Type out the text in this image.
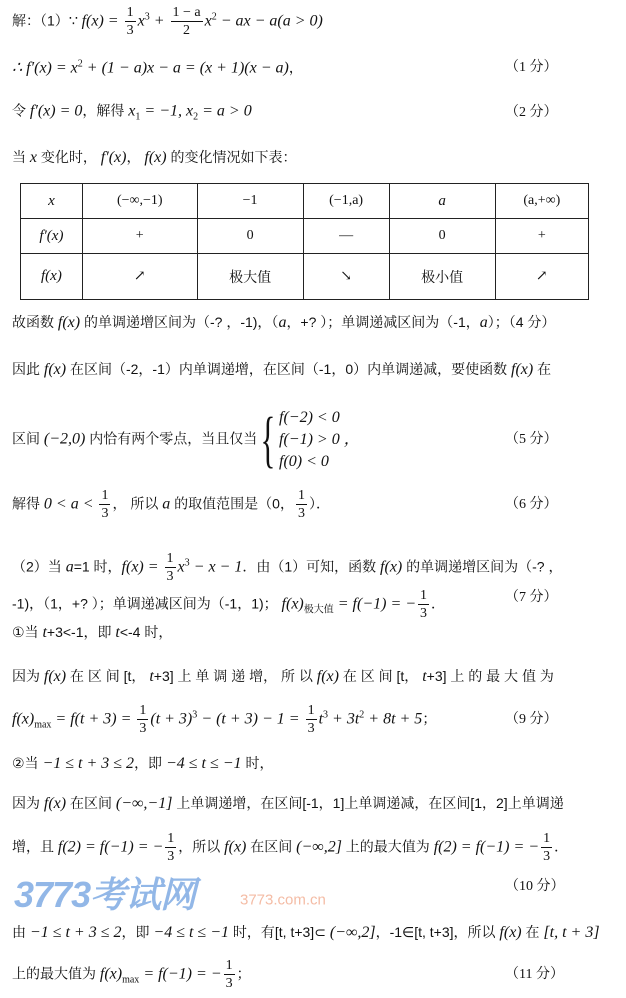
解：（1）∵ $f(x) = \frac{1}{3} x^3 + \frac{1 - a}{2} x^2$ − ax − a(a > 0)
∴ $f'(x) = x^2 + (1 - a)x - a = (x + 1)(x - a)$，	（1 分）
令 f′(x) = 0，解得 $x_1 = -1$, $x_2 = a > 0$	（2 分）
当 x 变化时， f′(x)， f(x) 的变化情况如下表：
故函数 f(x) 的单调递增区间为（-? ，-1)，（a，+? ）；单调递减区间为（-1，a）；（4 分）
因此 f(x) 在区间（-2，-1）内单调递增，在区间（-1，0）内单调递减，要使函数 f(x) 在
区间 (−2,0) 内恰有两个零点，当且仅当 { f(−2) < 0
f(−1) > 0 ，
f(0) < 0
（5 分）
解得 $0 < a < \frac{1}{3}$ ， 所以 a 的取值范围是（0， $\frac{1}{3}$ ）．	（6 分）
（2）当 a=1 时，$f(x) = \frac{1}{3} x^3 - x - 1$．由（1）可知，函数 f(x) 的单调递增区间为（-? ，
-1)，（1，+? ）；单调递减区间为（-1，1)； $f(x)_{极大值} = f(-1)$ = − $\frac{1}{3}$ ．	（7 分）
①当 t+3<-1，即 t<-4 时，
因为 f(x) 在 区 间 [t， t+3] 上 单 调 递 增， 所 以 f(x) 在 区 间 [t， t+3] 上 的 最 大 值 为
$f(x)_{max} = f(t + 3) = \frac{1}{3} (t + 3)^3 - (t + 3) - 1 = \frac{1}{3} t^3 + 3t^2 + 8t + 5$；	（9 分）
②当 −1 ≤ t + 3 ≤ 2，即 −4 ≤ t ≤ −1 时，
因为 f(x) 在区间 (−∞,−1] 上单调递增，在区间[-1，1]上单调递减，在区间[1，2]上单调递
增，且 f(2) = f(−1) = − $\frac{1}{3}$ ，所以 f(x) 在区间 (−∞,2] 上的最大值为 f(2) = f(−1) = − $\frac{1}{3}$ ．
（10 分）
由 −1 ≤ t + 3 ≤ 2，即 −4 ≤ t ≤ −1 时，有[t, t+3]⊂ (−∞,2]，-1∈[t, t+3]，所以 f(x) 在 [t, t + 3]
上的最大值为 $f(x)_{max} = f(-1)$ = − $\frac{1}{3}$ ；	（11 分）
x	(−∞,−1)	−1	(−1,a)	a	(a,+∞)
f′(x)	+	0	—	0	+
f(x)	↗	极大值	↘	极小值	↗
3773考试网	3773.com.cn
